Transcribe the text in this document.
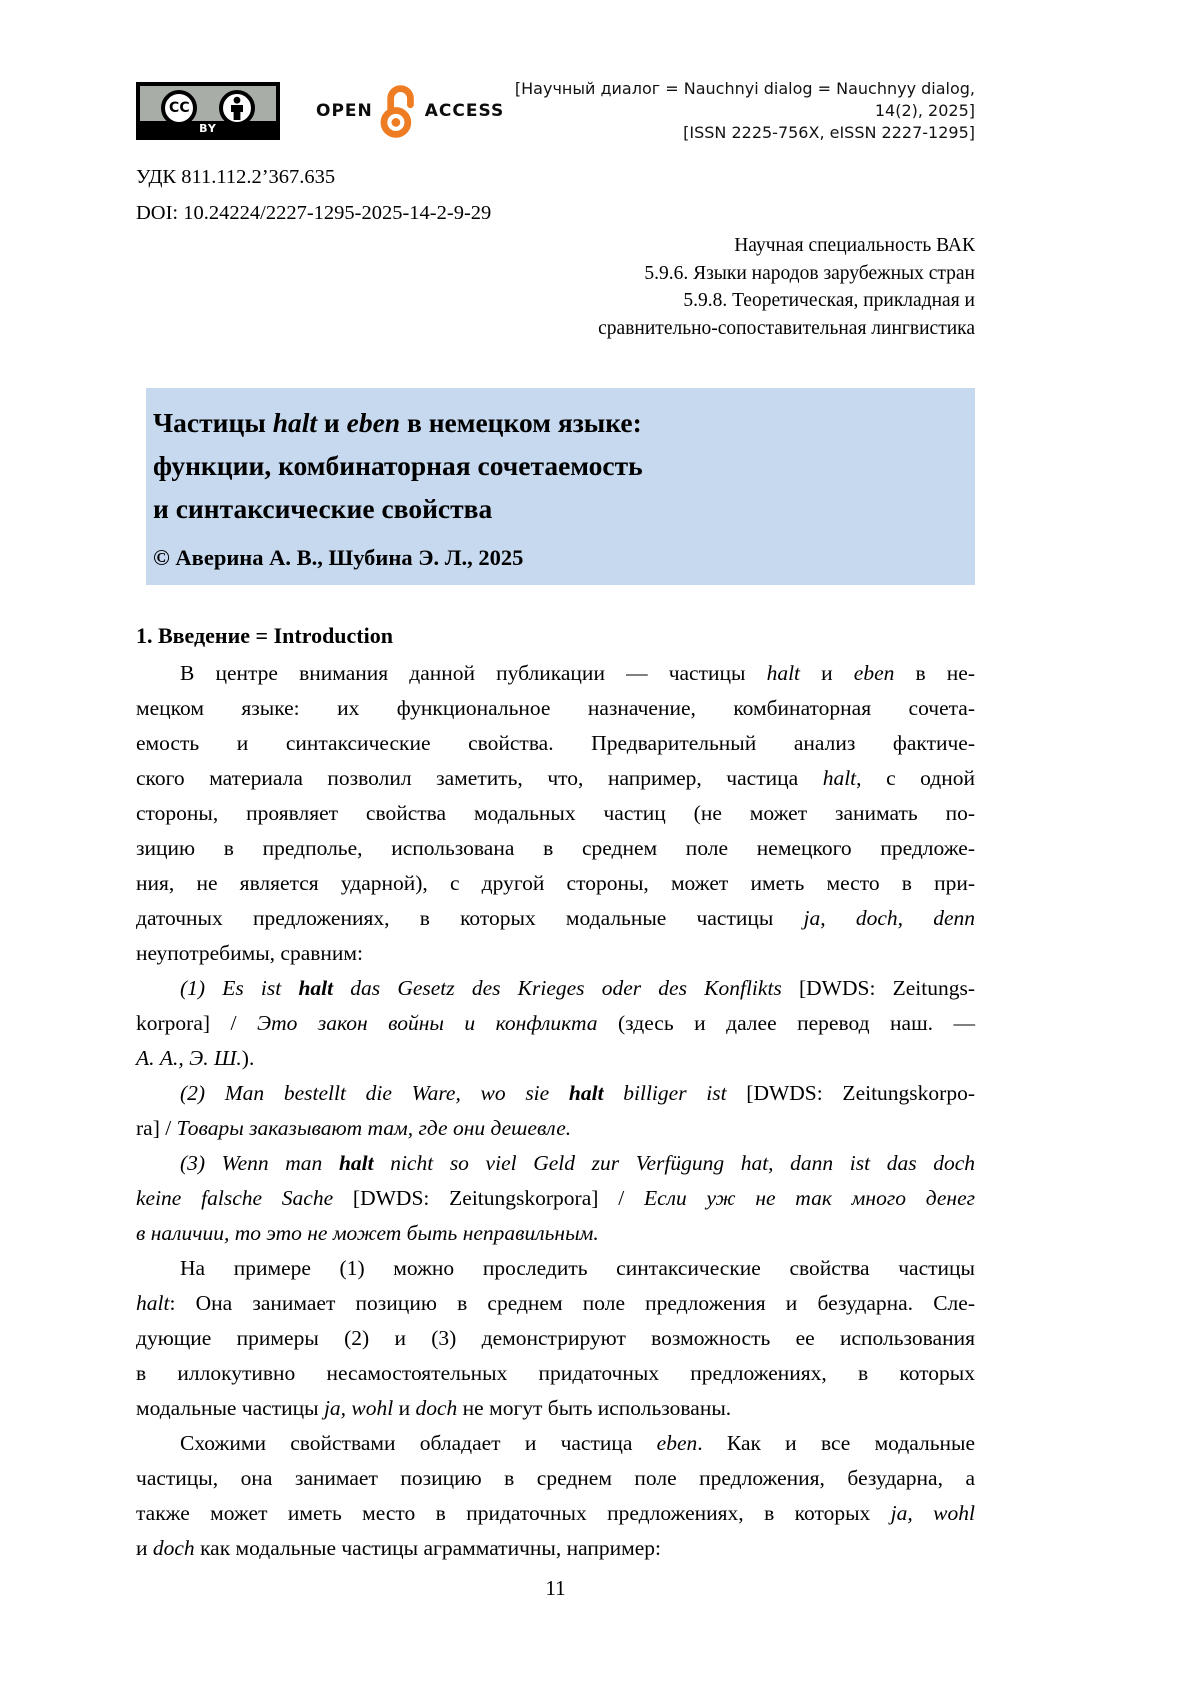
CC
BY
OPEN	ACCESS
[Научный диалог = Nauchnyi dialog = Nauchnyy dialog, 14(2), 2025]
[ISSN 2225-756X, eISSN 2227-1295]
УДК 811.112.2’367.635
DOI: 10.24224/2227-1295-2025-14-2-9-29
Научная специальность ВАК
5.9.6. Языки народов зарубежных стран
5.9.8. Теоретическая, прикладная и
сравнительно-сопоставительная лингвистика
Частицы halt и eben в немецком языке:
функции, комбинаторная сочетаемость
и синтаксические свойства
© Аверина А. В., Шубина Э. Л., 2025
1. Введение = Introduction
В центре внимания данной публикации — частицы halt и eben в не-
мецком языке: их функциональное назначение, комбинаторная сочета-
емость и синтаксические свойства. Предварительный анализ фактиче-
ского материала позволил заметить, что, например, частица halt, с одной
стороны, проявляет свойства модальных частиц (не может занимать по-
зицию в предполье, использована в среднем поле немецкого предложе-
ния, не является ударной), с другой стороны, может иметь место в при-
даточных предложениях, в которых модальные частицы ja, doch, denn
неупотребимы, сравним:
(1) Es ist halt das Gesetz des Krieges oder des Konflikts [DWDS: Zeitungs-
korpora] / Это закон войны и конфликта (здесь и далее перевод наш. —
А. А., Э. Ш.).
(2) Man bestellt die Ware, wo sie halt billiger ist [DWDS: Zeitungskorpo-
ra] / Товары заказывают там, где они дешевле.
(3) Wenn man halt nicht so viel Geld zur Verfügung hat, dann ist das doch
keine falsche Sache [DWDS: Zeitungskorpora] / Если уж не так много денег
в наличии, то это не может быть неправильным.
На примере (1) можно проследить синтаксические свойства частицы
halt: Она занимает позицию в среднем поле предложения и безударна. Сле-
дующие примеры (2) и (3) демонстрируют возможность ее использования
в иллокутивно несамостоятельных придаточных предложениях, в которых
модальные частицы ja, wohl и doch не могут быть использованы.
Схожими свойствами обладает и частица eben. Как и все модальные
частицы, она занимает позицию в среднем поле предложения, безударна, а
также может иметь место в придаточных предложениях, в которых ja, wohl
и doch как модальные частицы аграмматичны, например:
11
